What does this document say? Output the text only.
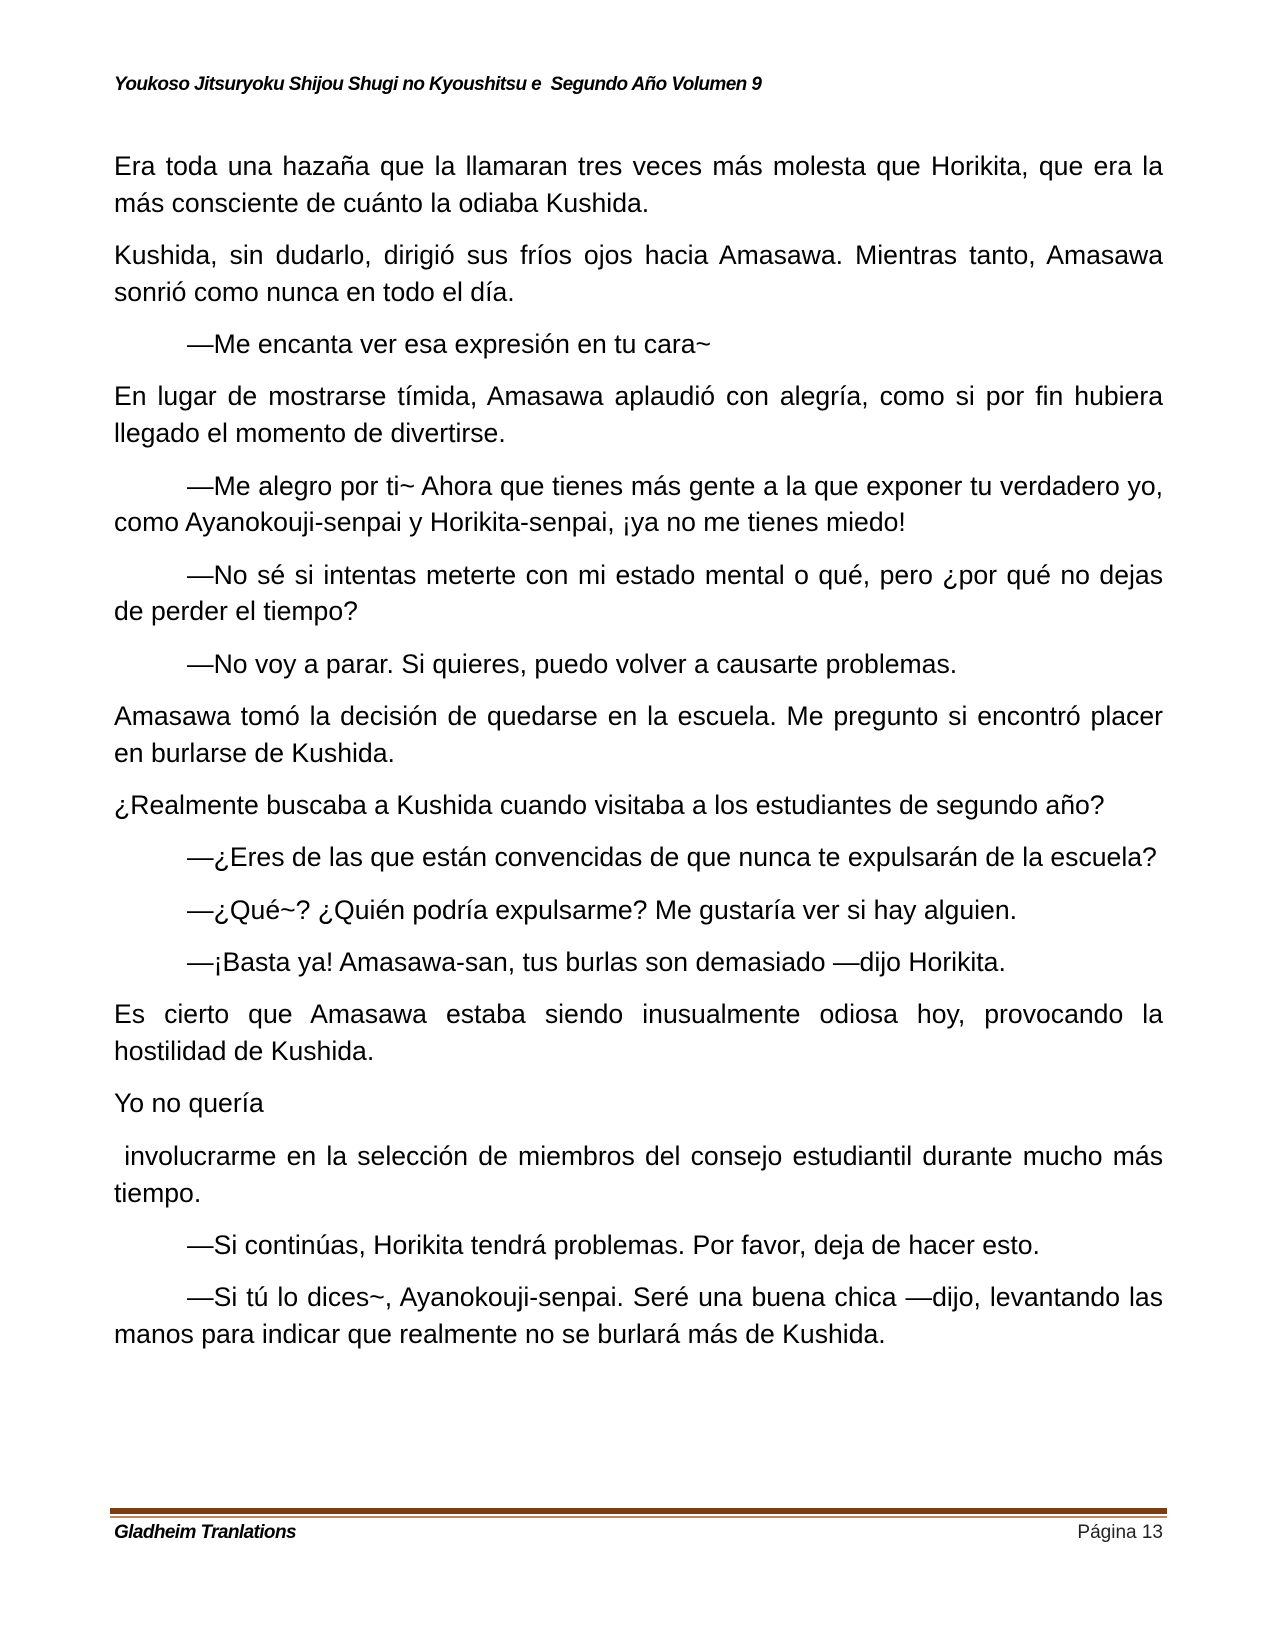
Youkoso Jitsuryoku Shijou Shugi no Kyoushitsu e  Segundo Año Volumen 9

Era toda una hazaña que la llamaran tres veces más molesta que Horikita, que era la más consciente de cuánto la odiaba Kushida.

Kushida, sin dudarlo, dirigió sus fríos ojos hacia Amasawa. Mientras tanto, Amasawa sonrió como nunca en todo el día.

—Me encanta ver esa expresión en tu cara~

En lugar de mostrarse tímida, Amasawa aplaudió con alegría, como si por fin hubiera llegado el momento de divertirse.

—Me alegro por ti~ Ahora que tienes más gente a la que exponer tu verdadero yo, como Ayanokouji-senpai y Horikita-senpai, ¡ya no me tienes miedo!

—No sé si intentas meterte con mi estado mental o qué, pero ¿por qué no dejas de perder el tiempo?

—No voy a parar. Si quieres, puedo volver a causarte problemas.

Amasawa tomó la decisión de quedarse en la escuela. Me pregunto si encontró placer en burlarse de Kushida.

¿Realmente buscaba a Kushida cuando visitaba a los estudiantes de segundo año?

—¿Eres de las que están convencidas de que nunca te expulsarán de la escuela?

—¿Qué~? ¿Quién podría expulsarme? Me gustaría ver si hay alguien.

—¡Basta ya! Amasawa-san, tus burlas son demasiado —dijo Horikita.

Es cierto que Amasawa estaba siendo inusualmente odiosa hoy, provocando la hostilidad de Kushida.

Yo no quería

involucrarme en la selección de miembros del consejo estudiantil durante mucho más tiempo.

—Si continúas, Horikita tendrá problemas. Por favor, deja de hacer esto.

—Si tú lo dices~, Ayanokouji-senpai. Seré una buena chica —dijo, levantando las manos para indicar que realmente no se burlará más de Kushida.

Gladheim Tranlations	Página 13
